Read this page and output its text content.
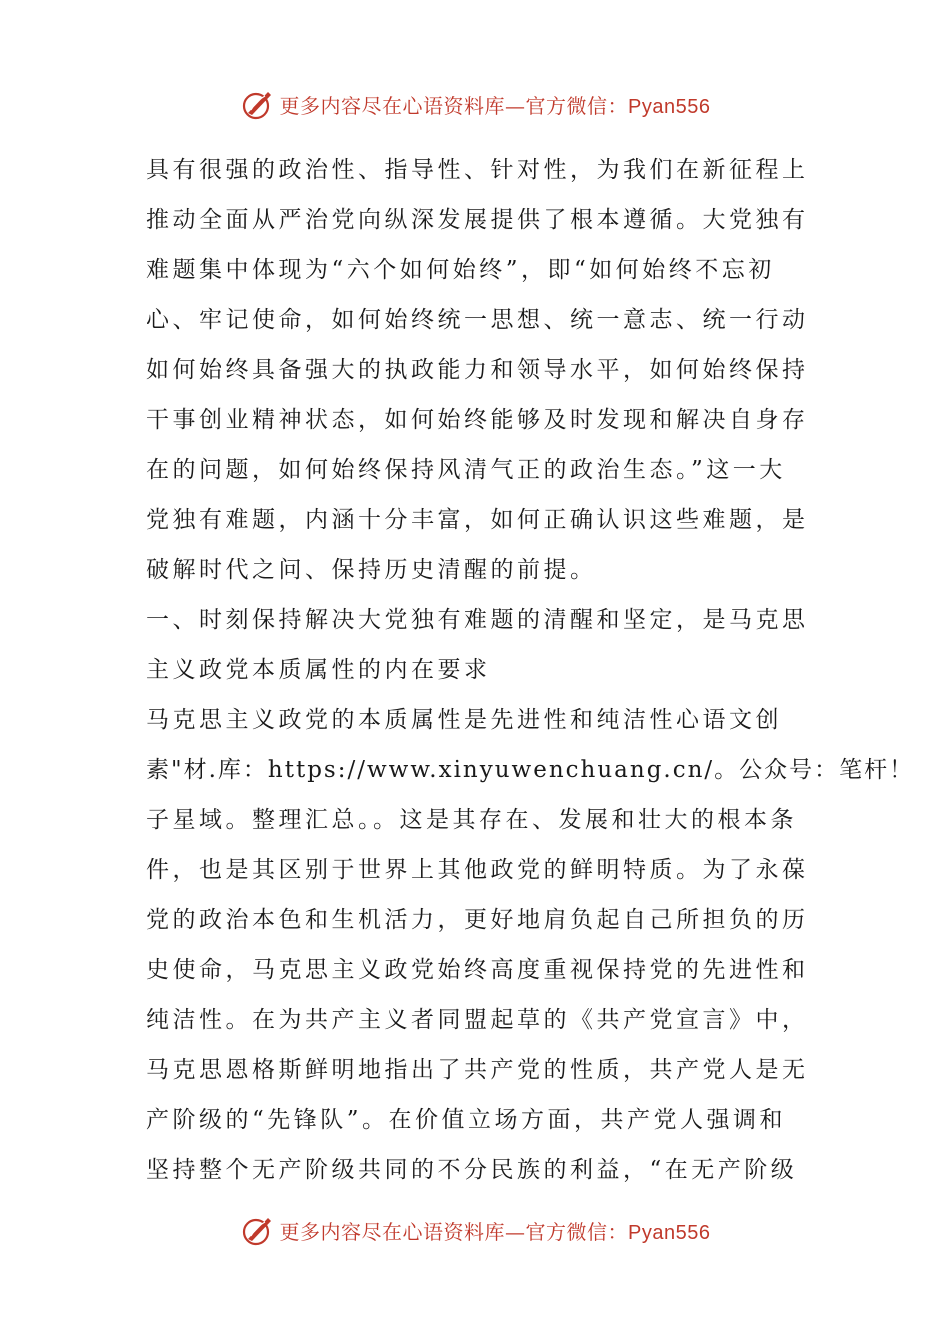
更多内容尽在心语资料库—官方微信：Pyan556
具有很强的政治性、指导性、针对性，为我们在新征程上
推动全面从严治党向纵深发展提供了根本遵循。大党独有
难题集中体现为“六个如何始终”，即“如何始终不忘初
心、牢记使命，如何始终统一思想、统一意志、统一行动
如何始终具备强大的执政能力和领导水平，如何始终保持
干事创业精神状态，如何始终能够及时发现和解决自身存
在的问题，如何始终保持风清气正的政治生态。”这一大
党独有难题，内涵十分丰富，如何正确认识这些难题，是
破解时代之问、保持历史清醒的前提。
一、时刻保持解决大党独有难题的清醒和坚定，是马克思
主义政党本质属性的内在要求
马克思主义政党的本质属性是先进性和纯洁性心语文创
素"材.库：https://www.xinyuwenchuang.cn/。公众号：笔杆！
子星域。整理汇总。。这是其存在、发展和壮大的根本条
件，也是其区别于世界上其他政党的鲜明特质。为了永葆
党的政治本色和生机活力，更好地肩负起自己所担负的历
史使命，马克思主义政党始终高度重视保持党的先进性和
纯洁性。在为共产主义者同盟起草的《共产党宣言》中，
马克思恩格斯鲜明地指出了共产党的性质，共产党人是无
产阶级的“先锋队”。在价值立场方面，共产党人强调和
坚持整个无产阶级共同的不分民族的利益，“在无产阶级
更多内容尽在心语资料库—官方微信：Pyan556
